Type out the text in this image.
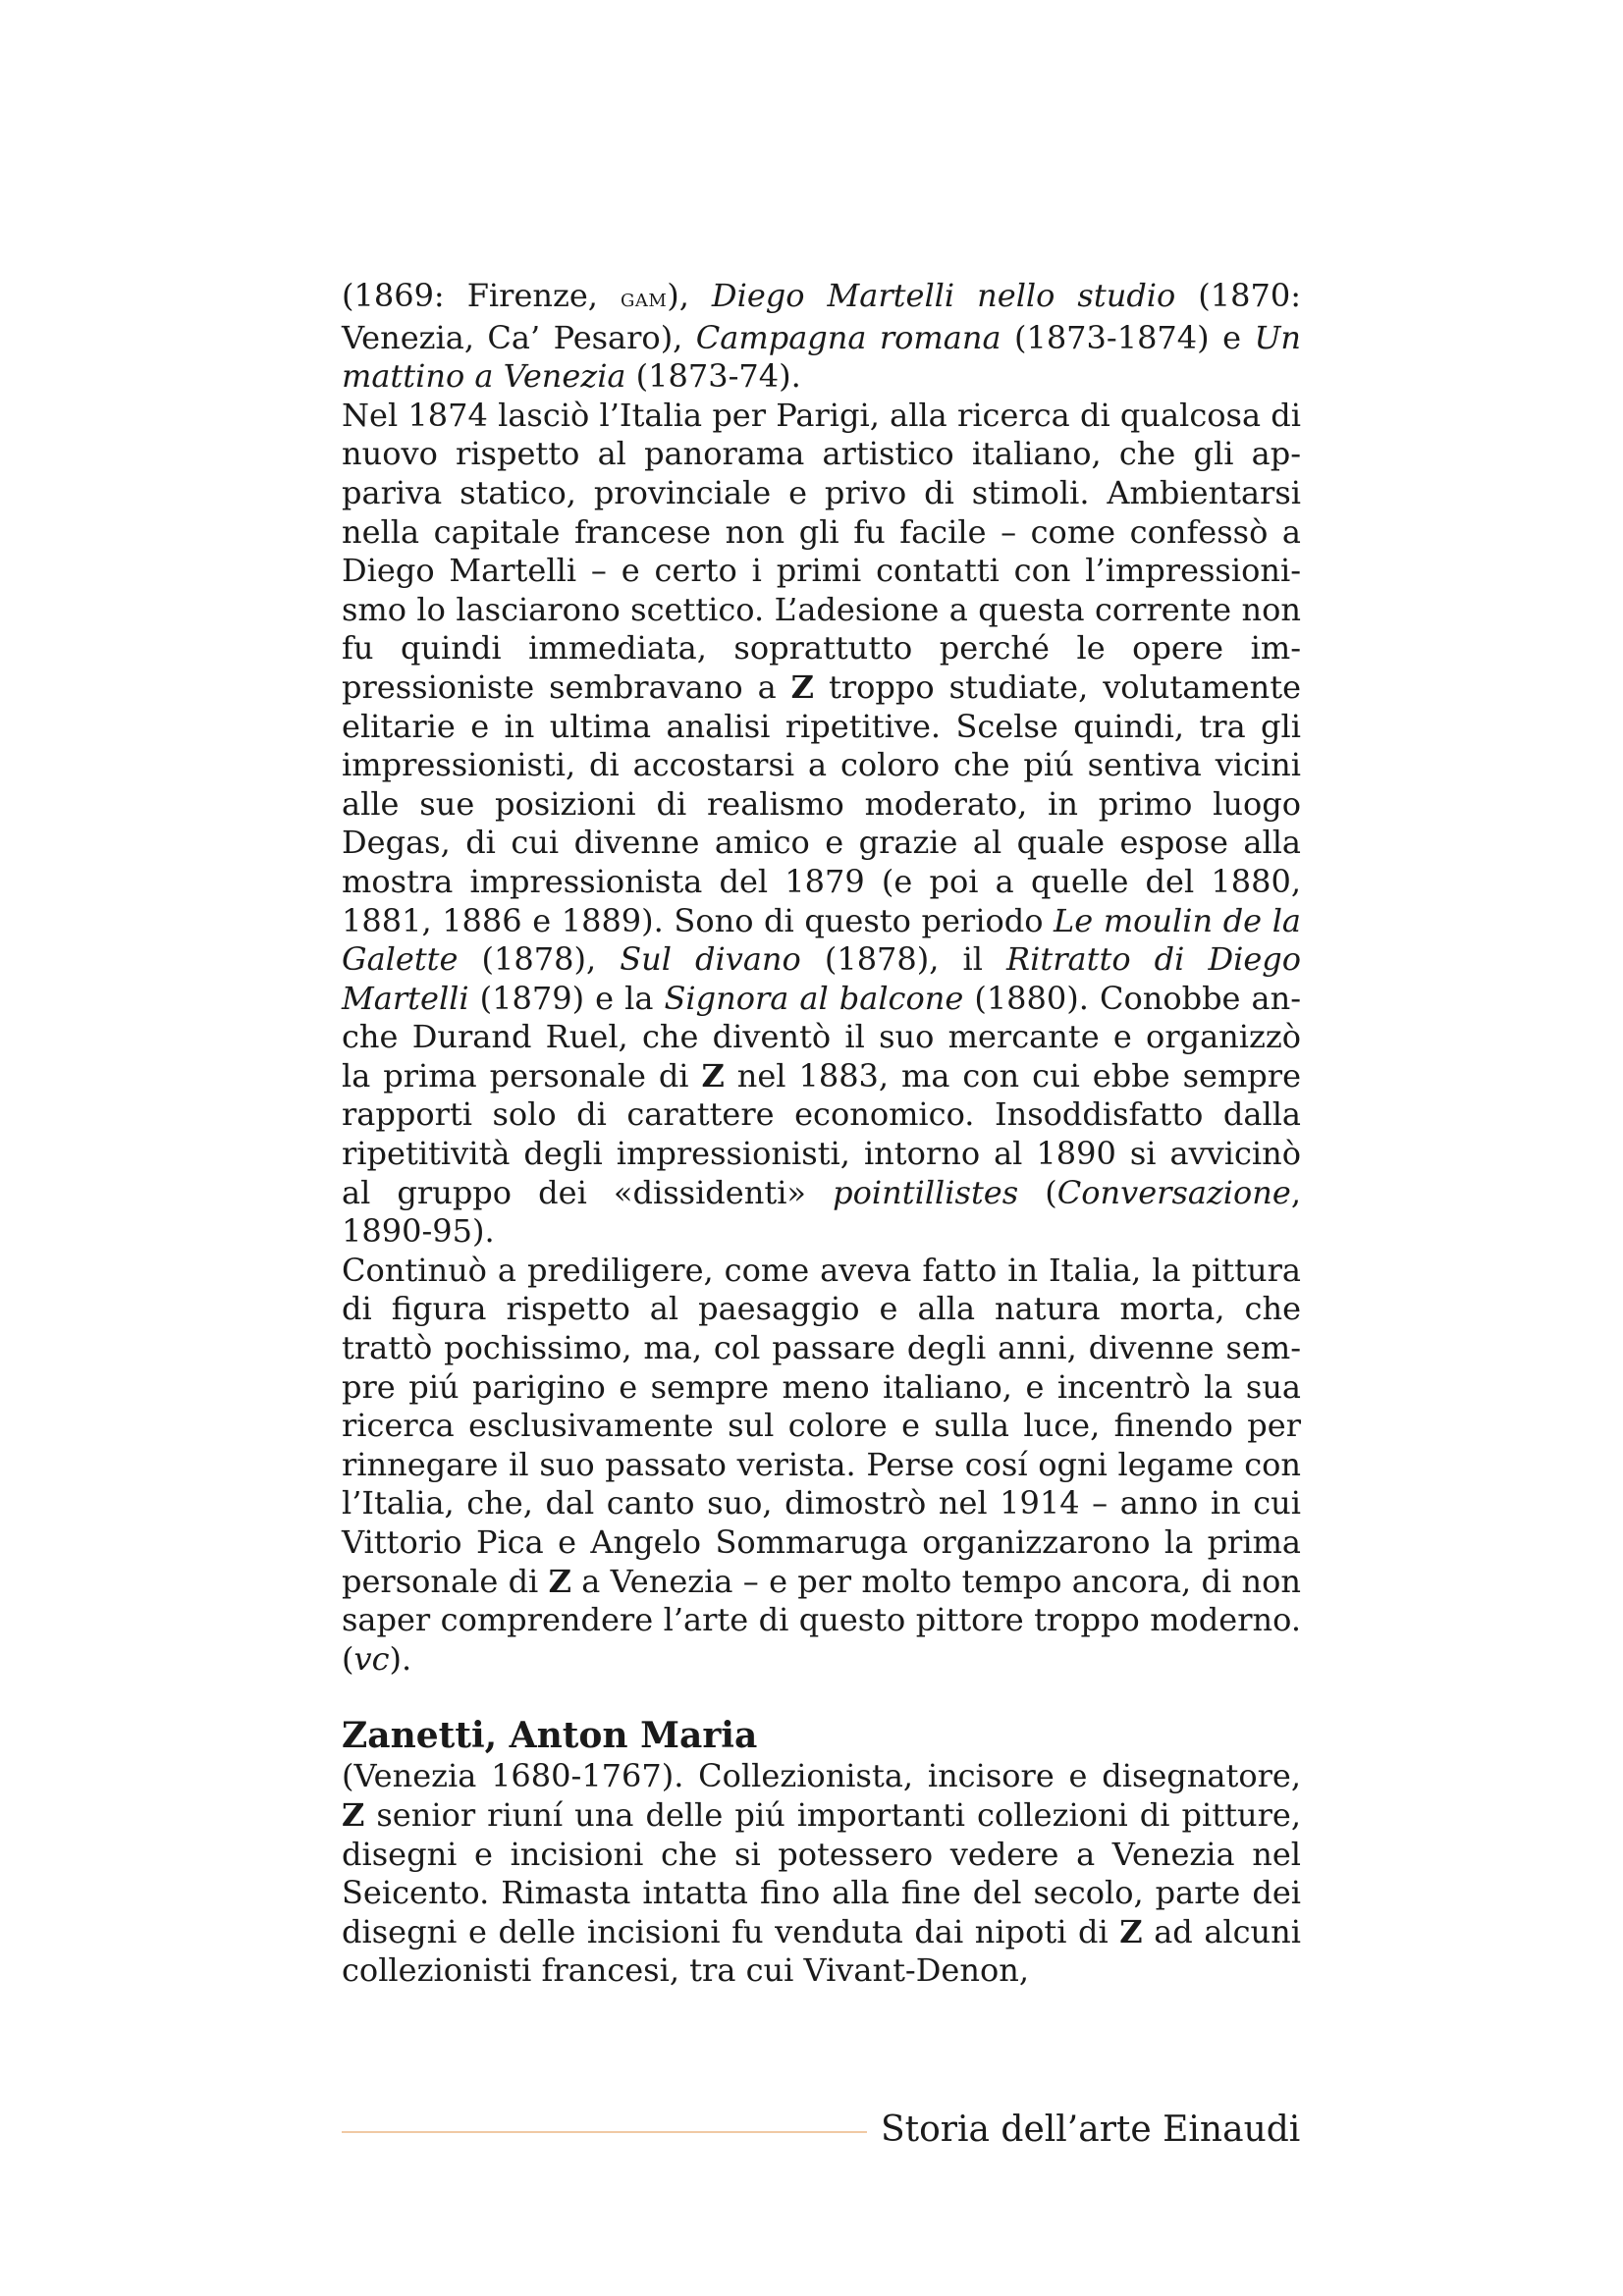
(1869: Firenze, gam), Diego Martelli nello studio (1870: Venezia, Ca’ Pesaro), Campagna romana (1873-1874) e Un mattino a Venezia (1873-74).

Nel 1874 lasciò l’Italia per Parigi, alla ricerca di qualcosa di nuovo rispetto al panorama artistico italiano, che gli appariva statico, provinciale e privo di stimoli. Ambientarsi nella capitale francese non gli fu facile – come confessò a Diego Martelli – e certo i primi contatti con l’impressionismo lo lasciarono scettico. L’adesione a questa corrente non fu quindi immediata, soprattutto perché le opere impressioniste sembravano a Z troppo studiate, volutamente elitarie e in ultima analisi ripetitive. Scelse quindi, tra gli impressionisti, di accostarsi a coloro che piú sentiva vicini alle sue posizioni di realismo moderato, in primo luogo Degas, di cui divenne amico e grazie al quale espose alla mostra impressionista del 1879 (e poi a quelle del 1880, 1881, 1886 e 1889). Sono di questo periodo Le moulin de la Galette (1878), Sul divano (1878), il Ritratto di Diego Martelli (1879) e la Signora al balcone (1880). Conobbe anche Durand Ruel, che diventò il suo mercante e organizzò la prima personale di Z nel 1883, ma con cui ebbe sempre rapporti solo di carattere economico. Insoddisfatto dalla ripetitività degli impressionisti, intorno al 1890 si avvicinò al gruppo dei «dissidenti» pointillistes (Conversazione, 1890-95).

Continuò a prediligere, come aveva fatto in Italia, la pittura di figura rispetto al paesaggio e alla natura morta, che trattò pochissimo, ma, col passare degli anni, divenne sempre piú parigino e sempre meno italiano, e incentrò la sua ricerca esclusivamente sul colore e sulla luce, finendo per rinnegare il suo passato verista. Perse cosí ogni legame con l’Italia, che, dal canto suo, dimostrò nel 1914 – anno in cui Vittorio Pica e Angelo Sommaruga organizzarono la prima personale di Z a Venezia – e per molto tempo ancora, di non saper comprendere l’arte di questo pittore troppo moderno. (vc).

Zanetti, Anton Maria

(Venezia 1680-1767). Collezionista, incisore e disegnatore, Z senior riuní una delle piú importanti collezioni di pitture, disegni e incisioni che si potessero vedere a Venezia nel Seicento. Rimasta intatta fino alla fine del secolo, parte dei disegni e delle incisioni fu venduta dai nipoti di Z ad alcuni collezionisti francesi, tra cui Vivant-Denon,

Storia dell’arte Einaudi
